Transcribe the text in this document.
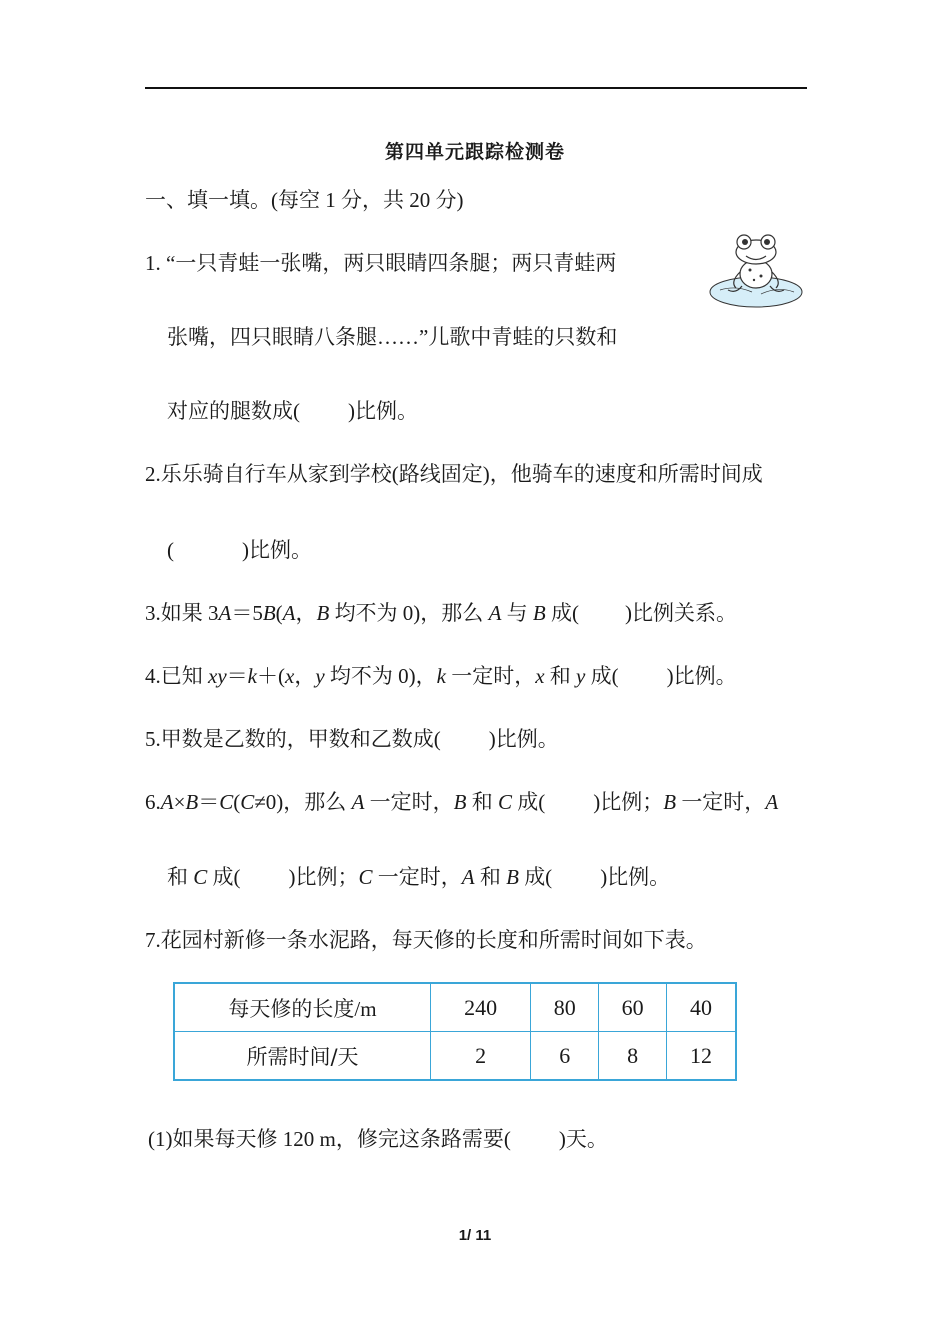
第四单元跟踪检测卷
一、填一填。(每空 1 分，共 20 分)
1. “一只青蛙一张嘴，两只眼睛四条腿；两只青蛙两
张嘴，四只眼睛八条腿……”儿歌中青蛙的只数和
对应的腿数成( )比例。
2.乐乐骑自行车从家到学校(路线固定)，他骑车的速度和所需时间成
(	)比例。
3.如果 3A＝5B(A，B 均不为 0)，那么 A 与 B 成( )比例关系。
4.已知 xy＝k＋(x，y 均不为 0)，k 一定时，x 和 y 成( )比例。
5.甲数是乙数的，甲数和乙数成( )比例。
6.A×B＝C(C≠0)，那么 A 一定时，B 和 C 成( )比例；B 一定时，A
和 C 成( )比例；C 一定时，A 和 B 成( )比例。
7.花园村新修一条水泥路，每天修的长度和所需时间如下表。
每天修的长度/m	240	80	60	40
所需时间/天	2	6	8	12
(1)如果每天修 120 m，修完这条路需要( )天。
1/ 11
